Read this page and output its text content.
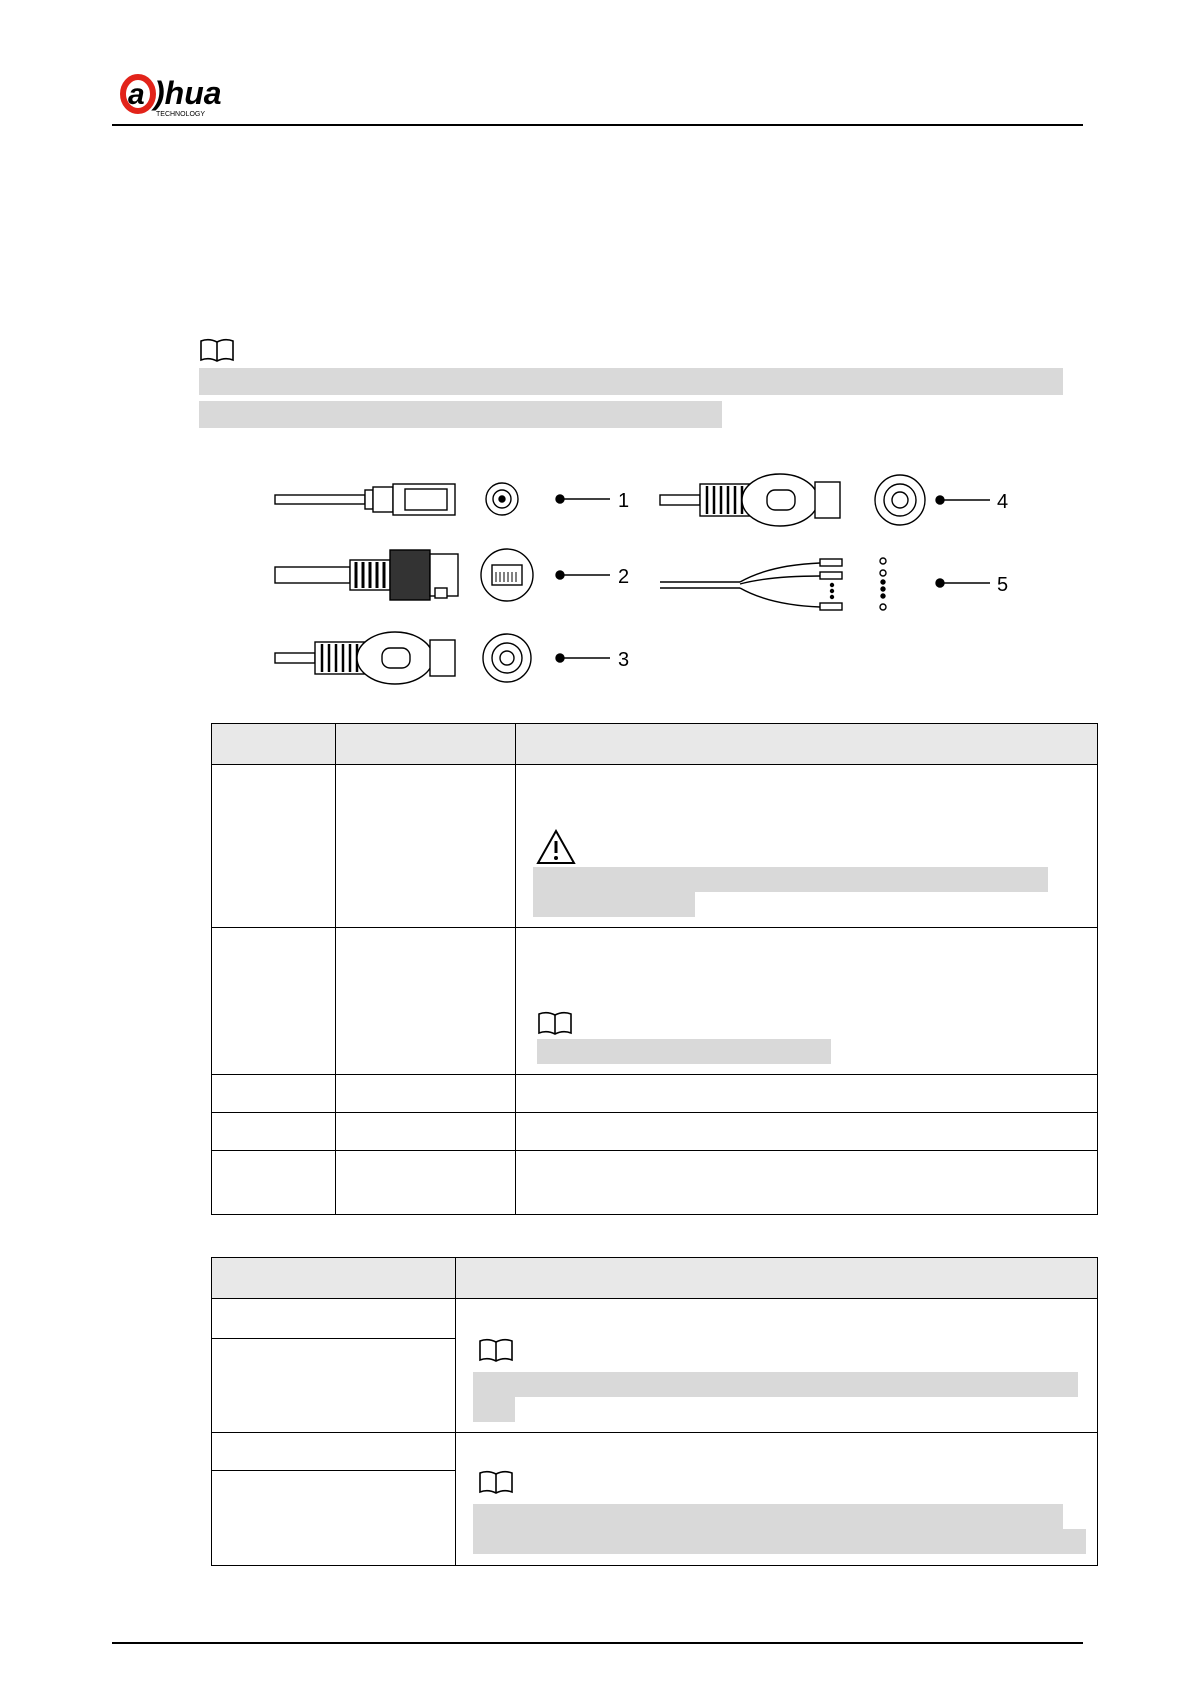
a )hua
TECHNOLOGY
1
2
3
4
5
